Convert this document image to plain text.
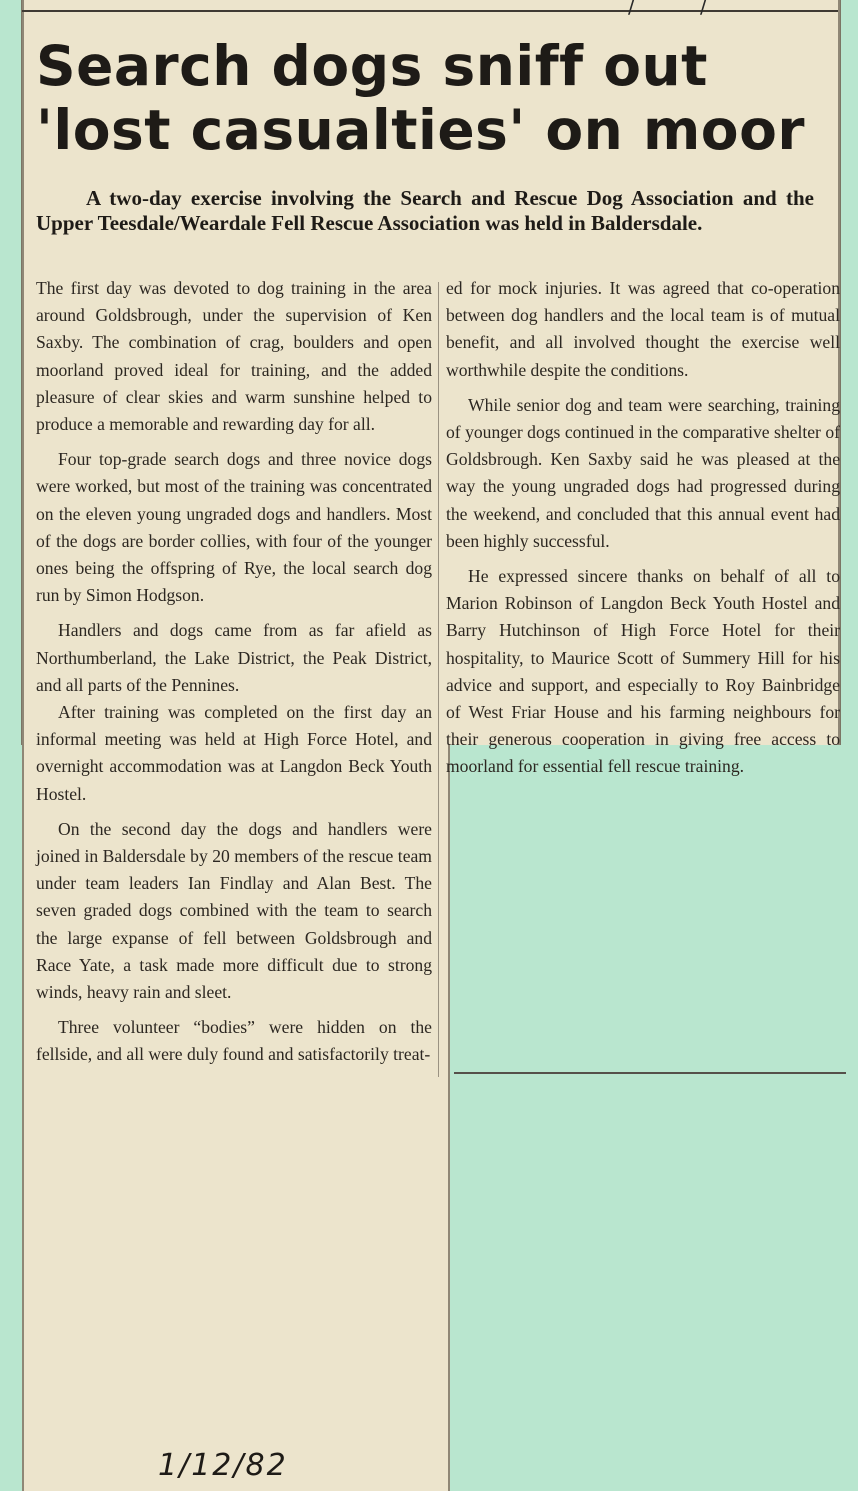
/	/
Search dogs sniff out
'lost casualties' on moor

A two-day exercise involving the Search and Rescue Dog Association and the Upper Teesdale/Weardale Fell Rescue Association was held in Baldersdale.

The first day was devoted to dog training in the area around Goldsbrough, under the supervision of Ken Saxby. The combination of crag, boulders and open moorland proved ideal for training, and the added pleasure of clear skies and warm sunshine helped to produce a memorable and rewarding day for all.

Four top-grade search dogs and three novice dogs were worked, but most of the training was concentrated on the eleven young ungraded dogs and handlers. Most of the dogs are border collies, with four of the younger ones being the offspring of Rye, the local search dog run by Simon Hodgson.

Handlers and dogs came from as far afield as Northumberland, the Lake District, the Peak District, and all parts of the Pennines.

After training was completed on the first day an informal meeting was held at High Force Hotel, and overnight accommodation was at Langdon Beck Youth Hostel.

On the second day the dogs and handlers were joined in Baldersdale by 20 members of the rescue team under team leaders Ian Findlay and Alan Best. The seven graded dogs combined with the team to search the large expanse of fell between Goldsbrough and Race Yate, a task made more difficult due to strong winds, heavy rain and sleet.

Three volunteer “bodies” were hidden on the fellside, and all were duly found and satisfactorily treat-

ed for mock injuries. It was agreed that co-operation between dog handlers and the local team is of mutual benefit, and all involved thought the exercise well worthwhile despite the conditions.

While senior dog and team were searching, training of younger dogs continued in the comparative shelter of Goldsbrough. Ken Saxby said he was pleased at the way the young ungraded dogs had progressed during the weekend, and concluded that this annual event had been highly successful.

He expressed sincere thanks on behalf of all to Marion Robinson of Langdon Beck Youth Hostel and Barry Hutchinson of High Force Hotel for their hospitality, to Maurice Scott of Summery Hill for his advice and support, and especially to Roy Bainbridge of West Friar House and his farming neighbours for their generous cooperation in giving free access to moorland for essential fell rescue training.

1/12/82
